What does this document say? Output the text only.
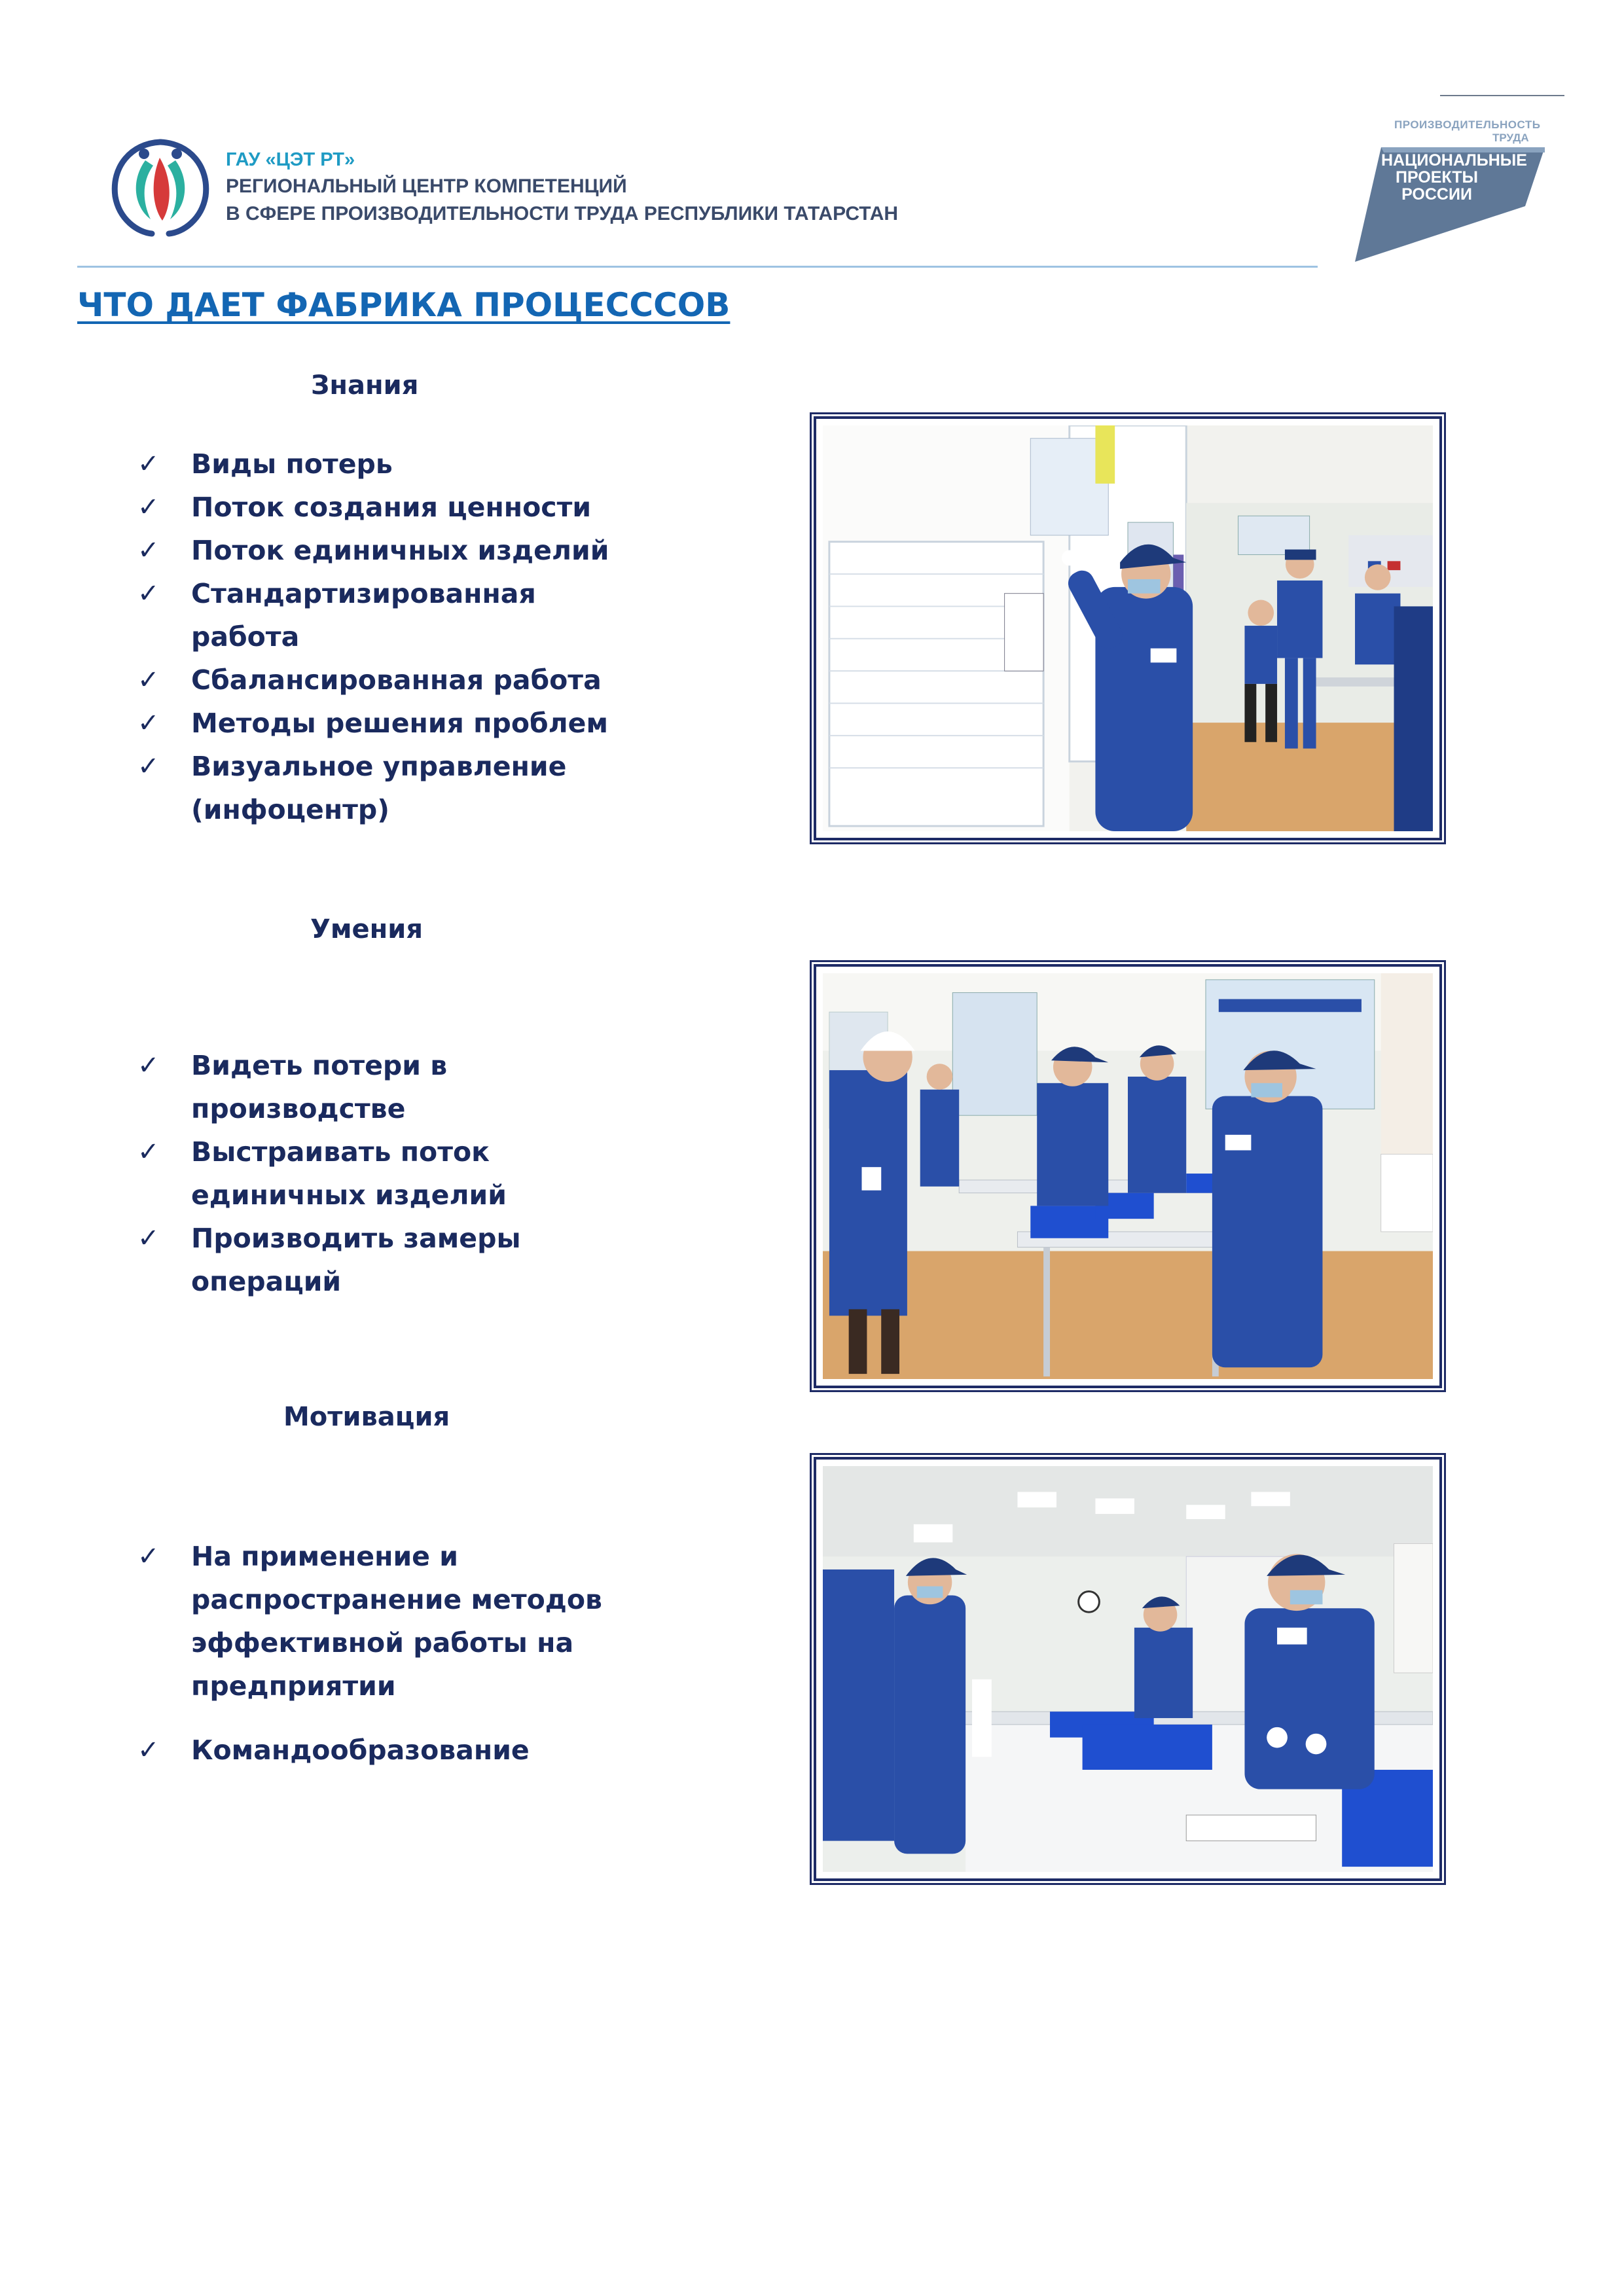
ГАУ «ЦЭТ РТ»
РЕГИОНАЛЬНЫЙ ЦЕНТР КОМПЕТЕНЦИЙ
В СФЕРЕ ПРОИЗВОДИТЕЛЬНОСТИ ТРУДА РЕСПУБЛИКИ ТАТАРСТАН
ПРОИЗВОДИТЕЛЬНОСТЬ
ТРУДА
НАЦИОНАЛЬНЫЕ
ПРОЕКТЫ
РОССИИ
ЧТО ДАЕТ ФАБРИКА ПРОЦЕСССОВ
Знания
✓ Виды потерь
✓ Поток создания ценности
✓ Поток единичных изделий
✓ Стандартизированная
работа
✓ Сбалансированная работа
✓ Методы решения проблем
✓ Визуальное управление
(инфоцентр)
Умения
✓ Видеть потери в
производстве
✓ Выстраивать поток
единичных изделий
✓ Производить замеры
операций
Мотивация
✓ На применение и
распространение методов
эффективной работы на
предприятии
✓ Командообразование
